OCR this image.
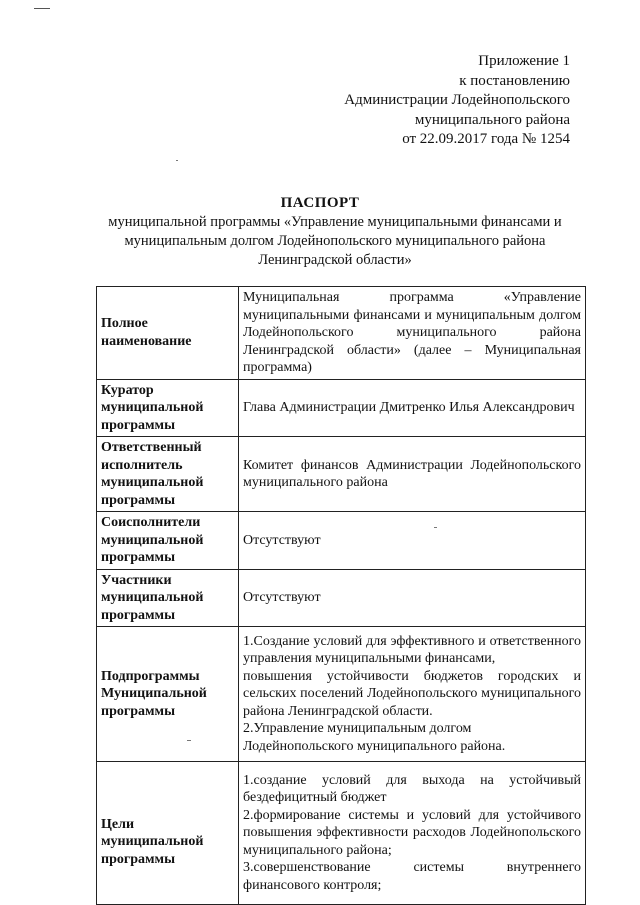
Приложение 1
к постановлению
Администрации Лодейнопольского
муниципального района
от 22.09.2017 года № 1254
ПАСПОРТ
муниципальной программы «Управление муниципальными финансами и
муниципальным долгом Лодейнопольского муниципального района
Ленинградской области»
Полное наименование	Муниципальная программа «Управление муниципальными финансами и муниципальным долгом Лодейнопольского муниципального района Ленинградской области» (далее – Муниципальная программа)
Куратор муниципальной программы	Глава Администрации Дмитренко Илья Александрович
Ответственный исполнитель муниципальной программы	Комитет финансов Администрации Лодейнопольского муниципального района
Соисполнители муниципальной программы	Отсутствуют
Участники муниципальной программы	Отсутствуют
Подпрограммы Муниципальной программы	1.Создание условий для эффективного и ответственного управления муниципальными финансами,
повышения устойчивости бюджетов городских и сельских поселений Лодейнопольского муниципального района Ленинградской области.
2.Управление муниципальным долгом
Лодейнопольского муниципального района.

Цели муниципальной программы	1.создание условий для выхода на устойчивый бездефицитный бюджет
2.формирование системы и условий для устойчивого повышения эффективности расходов Лодейнопольского муниципального района;
3.совершенствование системы внутреннего финансового контроля;
